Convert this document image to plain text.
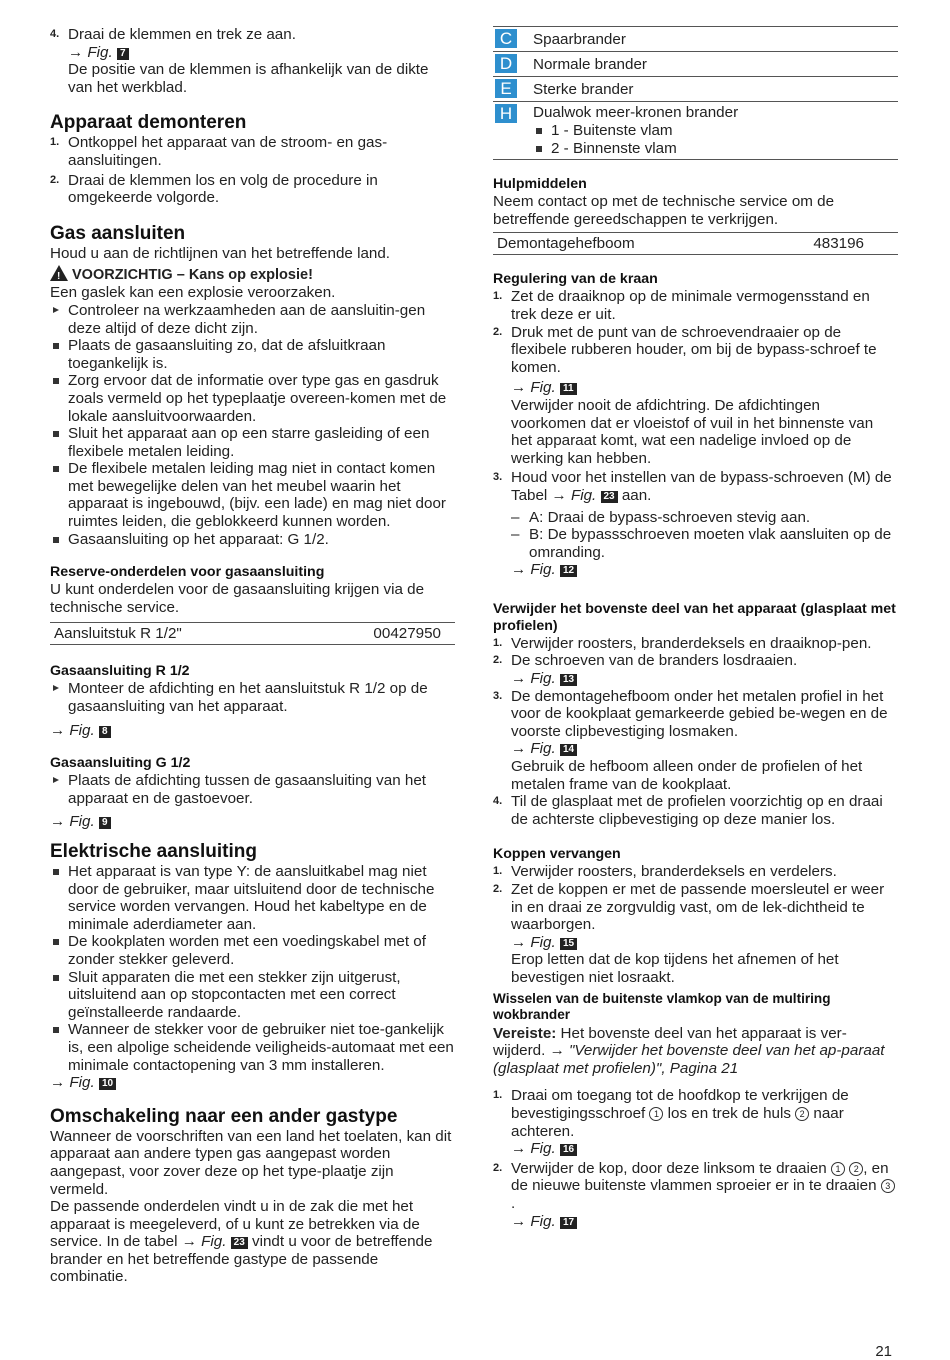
4. Draai de klemmen en trek ze aan.
→ Fig. 7
De positie van de klemmen is afhankelijk van de dikte van het werkblad.
Apparaat demonteren
1. Ontkoppel het apparaat van de stroom- en gas-aansluitingen.
2. Draai de klemmen los en volg de procedure in omgekeerde volgorde.
Gas aansluiten
Houd u aan de richtlijnen van het betreffende land.
!VOORZICHTIG – Kans op explosie!
Een gaslek kan een explosie veroorzaken.
Controleer na werkzaamheden aan de aansluitin-gen deze altijd of deze dicht zijn.
Plaats de gasaansluiting zo, dat de afsluitkraan toegankelijk is.
Zorg ervoor dat de informatie over type gas en gasdruk zoals vermeld op het typeplaatje overeen-komen met de lokale aansluitvoorwaarden.
Sluit het apparaat aan op een starre gasleiding of een flexibele metalen leiding.
De flexibele metalen leiding mag niet in contact komen met bewegelijke delen van het meubel waarin het apparaat is ingebouwd, (bijv. een lade) en mag niet door ruimtes leiden, die geblokkeerd kunnen worden.
Gasaansluiting op het apparaat: G 1/2.
Reserve-onderdelen voor gasaansluiting
U kunt onderdelen voor de gasaansluiting krijgen via de technische service.
Aansluitstuk R 1/2"	00427950
Gasaansluiting R 1/2
Monteer de afdichting en het aansluitstuk R 1/2 op de gasaansluiting van het apparaat.
→ Fig. 8
Gasaansluiting G 1/2
Plaats de afdichting tussen de gasaansluiting van het apparaat en de gastoevoer.
→ Fig. 9
Elektrische aansluiting
Het apparaat is van type Y: de aansluitkabel mag niet door de gebruiker, maar uitsluitend door de technische service worden vervangen. Houd het kabeltype en de minimale aderdiameter aan.
De kookplaten worden met een voedingskabel met of zonder stekker geleverd.
Sluit apparaten die met een stekker zijn uitgerust, uitsluitend aan op stopcontacten met een correct geïnstalleerde randaarde.
Wanneer de stekker voor de gebruiker niet toe-gankelijk is, een alpolige scheidende veiligheids-automaat met een minimale contactopening van 3 mm installeren.
→ Fig. 10
Omschakeling naar een ander gastype
Wanneer de voorschriften van een land het toelaten, kan dit apparaat aan andere typen gas aangepast worden aangepast, voor zover deze op het type-plaatje zijn vermeld.
De passende onderdelen vindt u in de zak die met het apparaat is meegeleverd, of u kunt ze betrekken via de service. In de tabel → Fig. 23 vindt u voor de betreffende brander en het betreffende gastype de passende combinatie.
C	Spaarbrander
D	Normale brander
E	Sterke brander
H	Dualwok meer-kronen brander
1 - Buitenste vlam
2 - Binnenste vlam
Hulpmiddelen
Neem contact op met de technische service om de betreffende gereedschappen te verkrijgen.
Demontagehefboom	483196
Regulering van de kraan
1. Zet de draaiknop op de minimale vermogensstand en trek deze er uit.
2. Druk met de punt van de schroevendraaier op de flexibele rubberen houder, om bij de bypass-schroef te komen.
→ Fig. 11
Verwijder nooit de afdichtring. De afdichtingen voorkomen dat er vloeistof of vuil in het binnenste van het apparaat komt, wat een nadelige invloed op de werking kan hebben.
3. Houd voor het instellen van de bypass-schroeven (M) de Tabel → Fig. 23 aan.
– A: Draai de bypass-schroeven stevig aan.
– B: De bypassschroeven moeten vlak aansluiten op de omranding.
→ Fig. 12
Verwijder het bovenste deel van het apparaat (glasplaat met profielen)
1. Verwijder roosters, branderdeksels en draaiknop-pen.
2. De schroeven van de branders losdraaien.
→ Fig. 13
3. De demontagehefboom onder het metalen profiel in het voor de kookplaat gemarkeerde gebied be-wegen en de voorste clipbevestiging losmaken.
→ Fig. 14
Gebruik de hefboom alleen onder de profielen of het metalen frame van de kookplaat.
4. Til de glasplaat met de profielen voorzichtig op en draai de achterste clipbevestiging op deze manier los.
Koppen vervangen
1. Verwijder roosters, branderdeksels en verdelers.
2. Zet de koppen er met de passende moersleutel er weer in en draai ze zorgvuldig vast, om de lek-dichtheid te waarborgen.
→ Fig. 15
Erop letten dat de kop tijdens het afnemen of het bevestigen niet losraakt.
Wisselen van de buitenste vlamkop van de multiring wokbrander
Vereiste: Het bovenste deel van het apparaat is ver-wijderd. → "Verwijder het bovenste deel van het ap-paraat (glasplaat met profielen)", Pagina 21
1. Draai om toegang tot de hoofdkop te verkrijgen de bevestigingsschroef 1 los en trek de huls 2 naar achteren.
→ Fig. 16
2. Verwijder de kop, door deze linksom te draaien 1 2 , en de nieuwe buitenste vlammen sproeier er in te draaien 3.
→ Fig. 17
21
